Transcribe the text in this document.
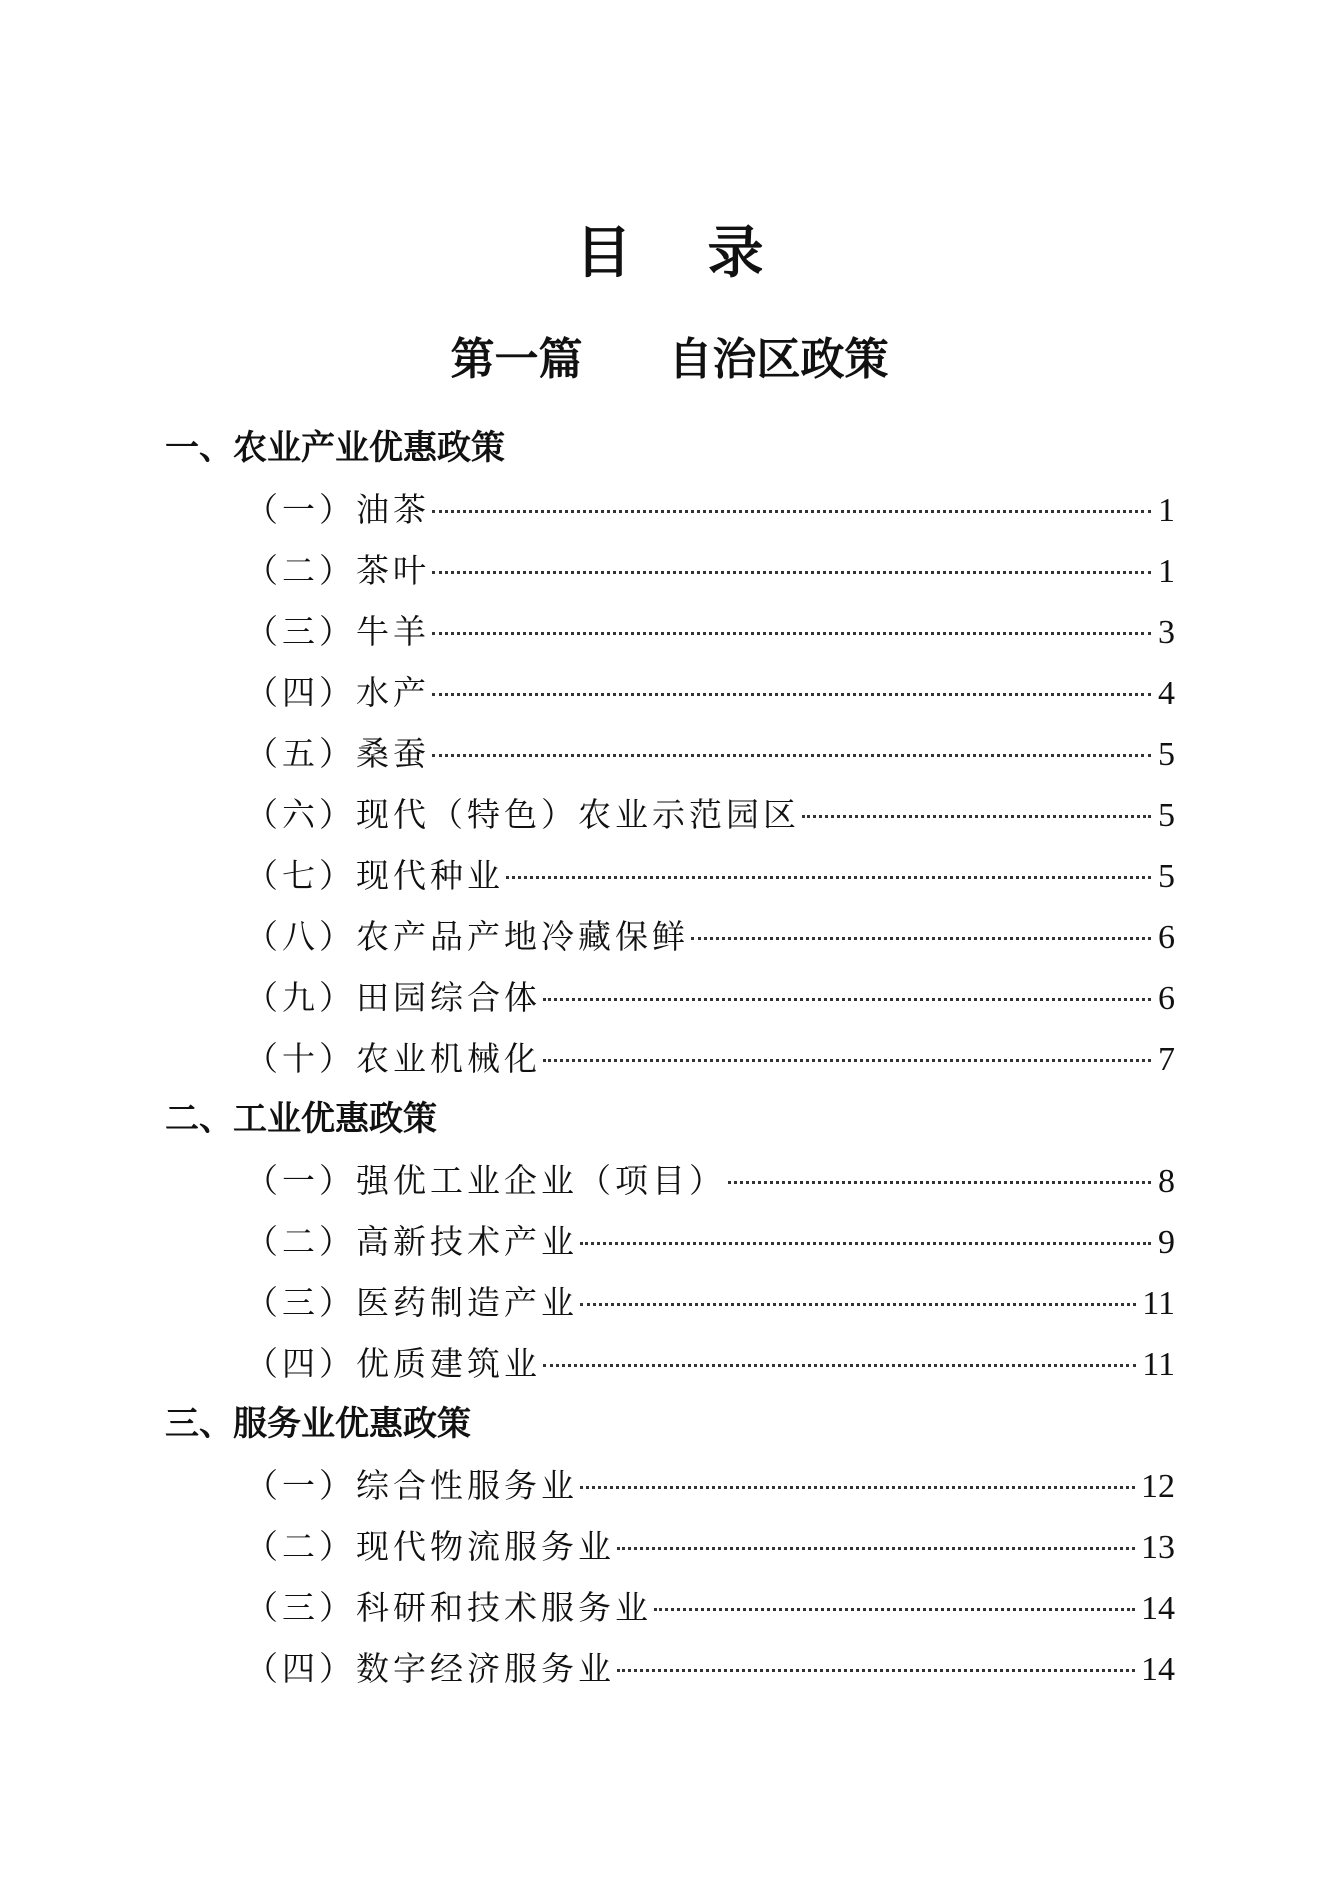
目 录
第一篇 自治区政策
一、农业产业优惠政策
（一）油茶	1
（二）茶叶	1
（三）牛羊	3
（四）水产	4
（五）桑蚕	5
（六）现代（特色）农业示范园区	5
（七）现代种业	5
（八）农产品产地冷藏保鲜	6
（九）田园综合体	6
（十）农业机械化	7
二、工业优惠政策
（一）强优工业企业（项目）	8
（二）高新技术产业	9
（三）医药制造产业	11
（四）优质建筑业	11
三、服务业优惠政策
（一）综合性服务业	12
（二）现代物流服务业	13
（三）科研和技术服务业	14
（四）数字经济服务业	14
